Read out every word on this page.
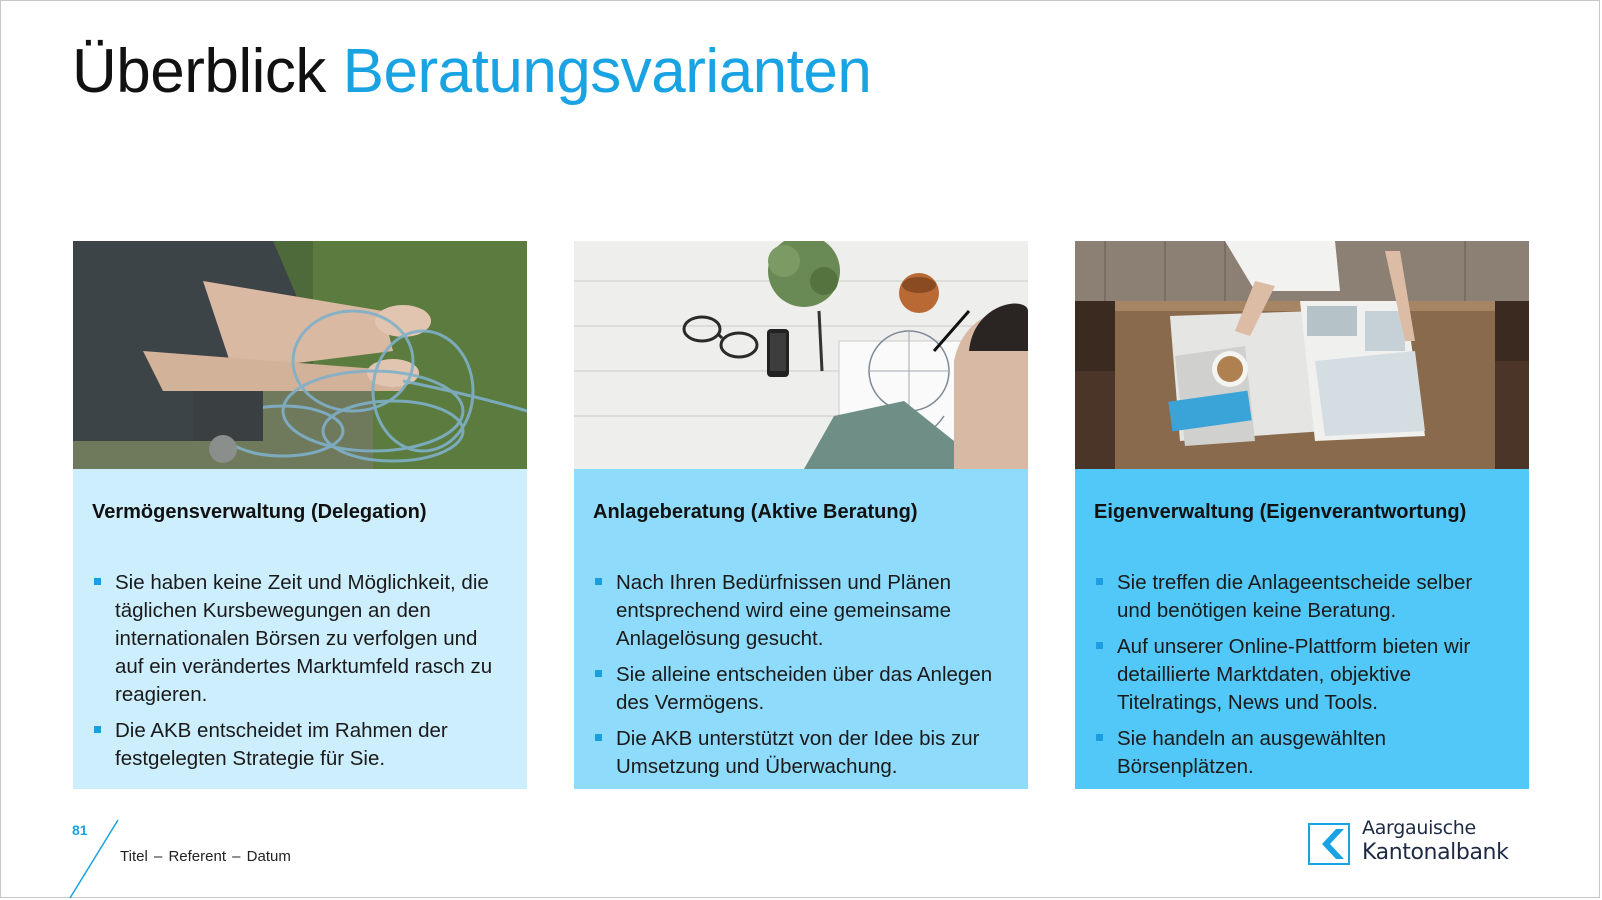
Überblick Beratungsvarianten
Vermögensverwaltung (Delegation)
Sie haben keine Zeit und Möglichkeit, die täglichen Kursbewegungen an den internationalen Börsen zu verfolgen und auf ein verändertes Marktumfeld rasch zu reagieren.
Die AKB entscheidet im Rahmen der festgelegten Strategie für Sie.
Anlageberatung (Aktive Beratung)
Nach Ihren Bedürfnissen und Plänen entsprechend wird eine gemeinsame Anlagelösung gesucht.
Sie alleine entscheiden über das Anlegen des Vermögens.
Die AKB unterstützt von der Idee bis zur Umsetzung und Überwachung.
Eigenverwaltung (Eigenverantwortung)
Sie treffen die Anlageentscheide selber und benötigen keine Beratung.
Auf unserer Online-Plattform bieten wir detaillierte Marktdaten, objektive Titelratings, News und Tools.
Sie handeln an ausgewählten Börsenplätzen.
81
Titel – Referent – Datum
Aargauische
Kantonalbank
